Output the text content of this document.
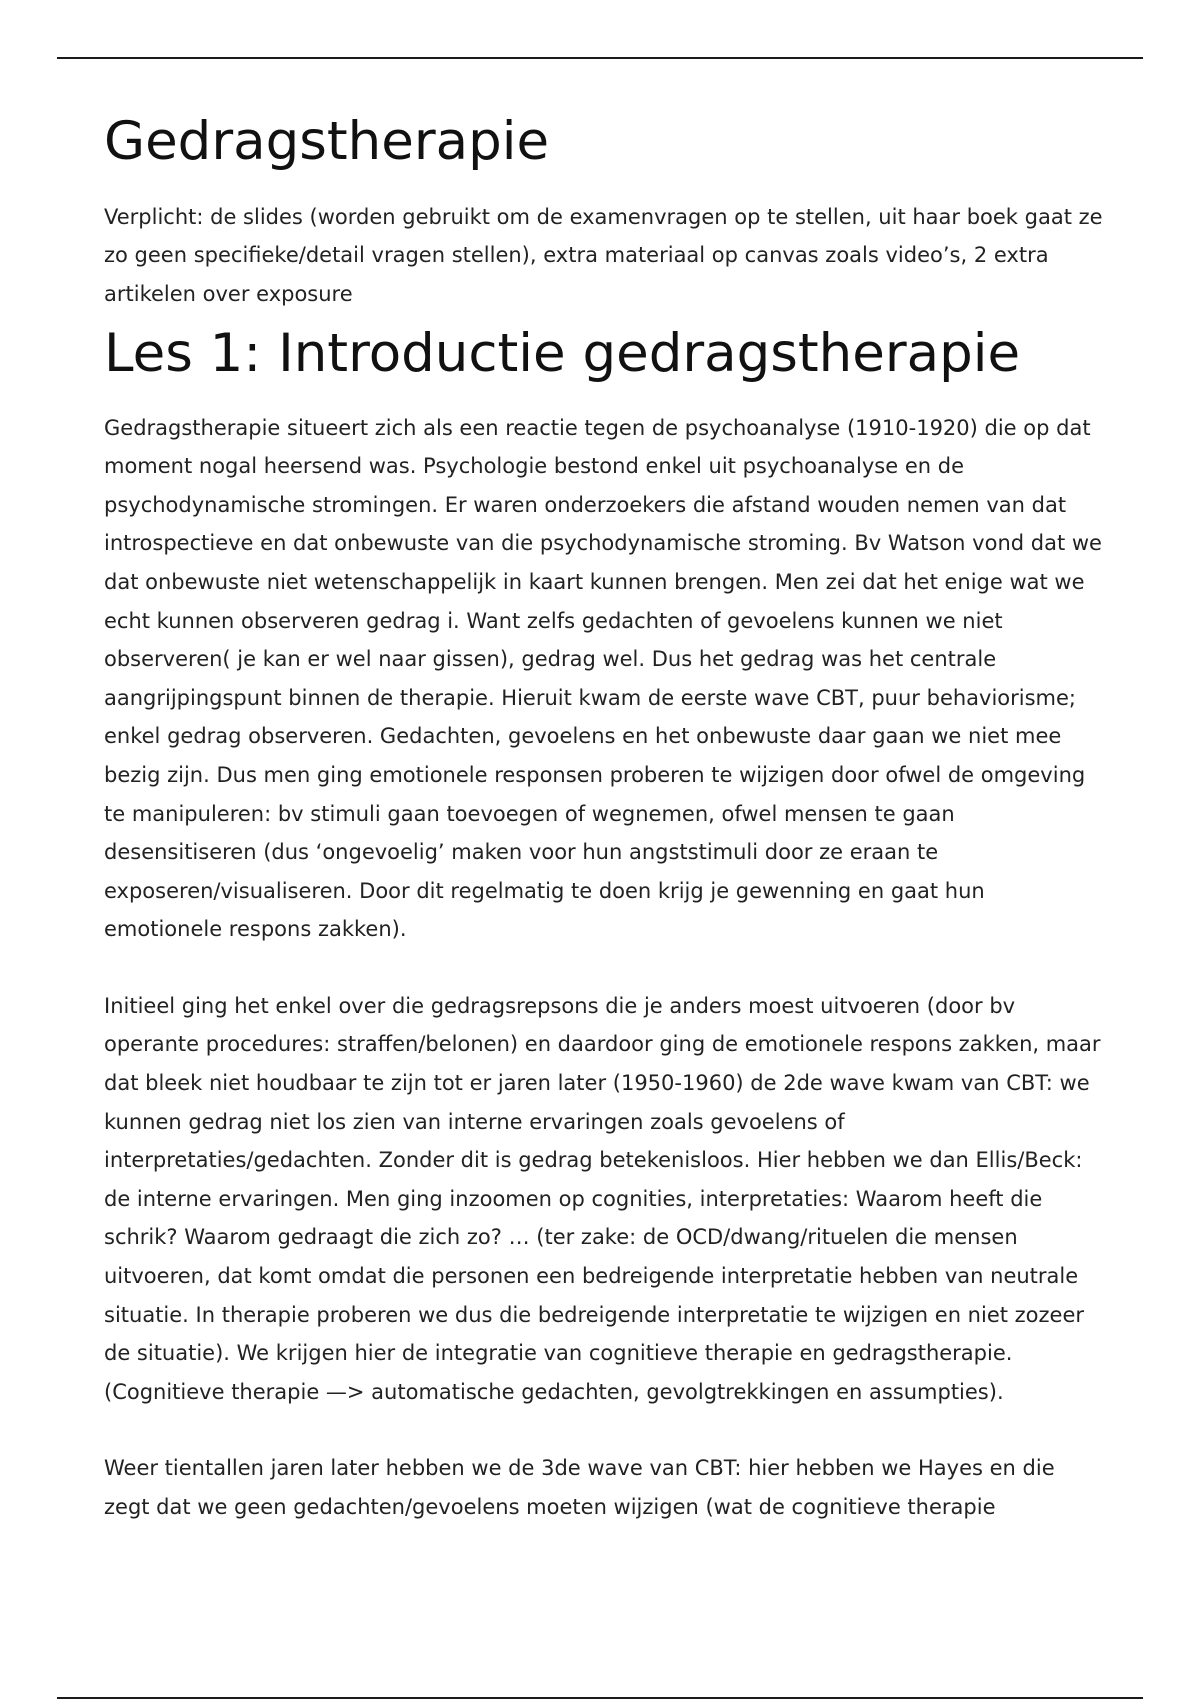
Gedragstherapie

Verplicht: de slides (worden gebruikt om de examenvragen op te stellen, uit haar boek gaat ze zo geen specifieke/detail vragen stellen), extra materiaal op canvas zoals video’s, 2 extra artikelen over exposure

Les 1: Introductie gedragstherapie

Gedragstherapie situeert zich als een reactie tegen de psychoanalyse (1910-1920) die op dat moment nogal heersend was. Psychologie bestond enkel uit psychoanalyse en de psychodynamische stromingen. Er waren onderzoekers die afstand wouden nemen van dat introspectieve en dat onbewuste van die psychodynamische stroming. Bv Watson vond dat we dat onbewuste niet wetenschappelijk in kaart kunnen brengen. Men zei dat het enige wat we echt kunnen observeren gedrag i. Want zelfs gedachten of gevoelens kunnen we niet observeren( je kan er wel naar gissen), gedrag wel. Dus het gedrag was het centrale aangrijpingspunt binnen de therapie. Hieruit kwam de eerste wave CBT, puur behaviorisme; enkel gedrag observeren. Gedachten, gevoelens en het onbewuste daar gaan we niet mee bezig zijn. Dus men ging emotionele responsen proberen te wijzigen door ofwel de omgeving te manipuleren: bv stimuli gaan toevoegen of wegnemen, ofwel mensen te gaan desensitiseren (dus ‘ongevoelig’ maken voor hun angststimuli door ze eraan te exposeren/visualiseren. Door dit regelmatig te doen krijg je gewenning en gaat hun emotionele respons zakken).

Initieel ging het enkel over die gedragsrepsons die je anders moest uitvoeren (door bv operante procedures: straffen/belonen) en daardoor ging de emotionele respons zakken, maar dat bleek niet houdbaar te zijn tot er jaren later (1950-1960) de 2de wave kwam van CBT: we kunnen gedrag niet los zien van interne ervaringen zoals gevoelens of interpretaties/gedachten. Zonder dit is gedrag betekenisloos. Hier hebben we dan Ellis/Beck: de interne ervaringen. Men ging inzoomen op cognities, interpretaties: Waarom heeft die schrik? Waarom gedraagt die zich zo? … (ter zake: de OCD/dwang/rituelen die mensen uitvoeren, dat komt omdat die personen een bedreigende interpretatie hebben van neutrale situatie. In therapie proberen we dus die bedreigende interpretatie te wijzigen en niet zozeer de situatie). We krijgen hier de integratie van cognitieve therapie en gedragstherapie. (Cognitieve therapie —> automatische gedachten, gevolgtrekkingen en assumpties).

Weer tientallen jaren later hebben we de 3de wave van CBT: hier hebben we Hayes en die zegt dat we geen gedachten/gevoelens moeten wijzigen (wat de cognitieve therapie
